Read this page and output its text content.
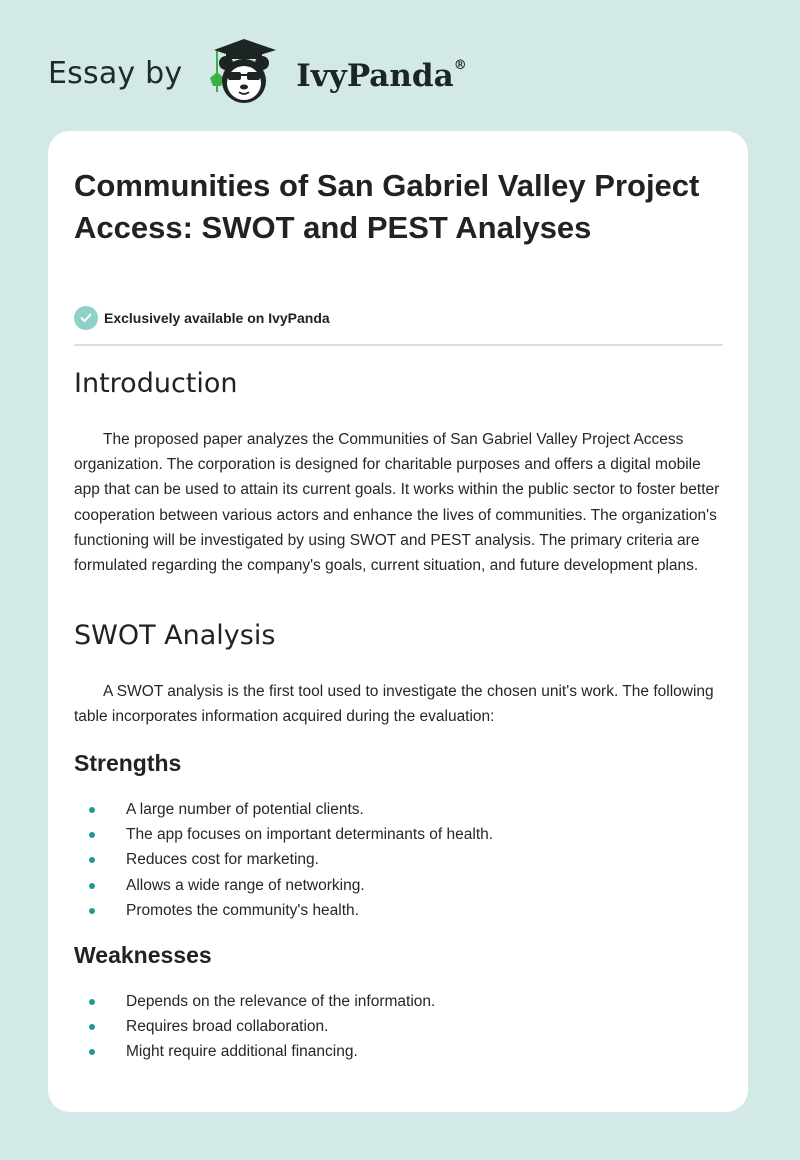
Essay by	IvyPanda®
Communities of San Gabriel Valley Project Access: SWOT and PEST Analyses
Exclusively available on IvyPanda
Introduction

The proposed paper analyzes the Communities of San Gabriel Valley Project Access organization. The corporation is designed for charitable purposes and offers a digital mobile app that can be used to attain its current goals. It works within the public sector to foster better cooperation between various actors and enhance the lives of communities. The organization's functioning will be investigated by using SWOT and PEST analysis. The primary criteria are formulated regarding the company's goals, current situation, and future development plans.

SWOT Analysis

A SWOT analysis is the first tool used to investigate the chosen unit's work. The following table incorporates information acquired during the evaluation:

Strengths
A large number of potential clients.
The app focuses on important determinants of health.
Reduces cost for marketing.
Allows a wide range of networking.
Promotes the community's health.
Weaknesses
Depends on the relevance of the information.
Requires broad collaboration.
Might require additional financing.
